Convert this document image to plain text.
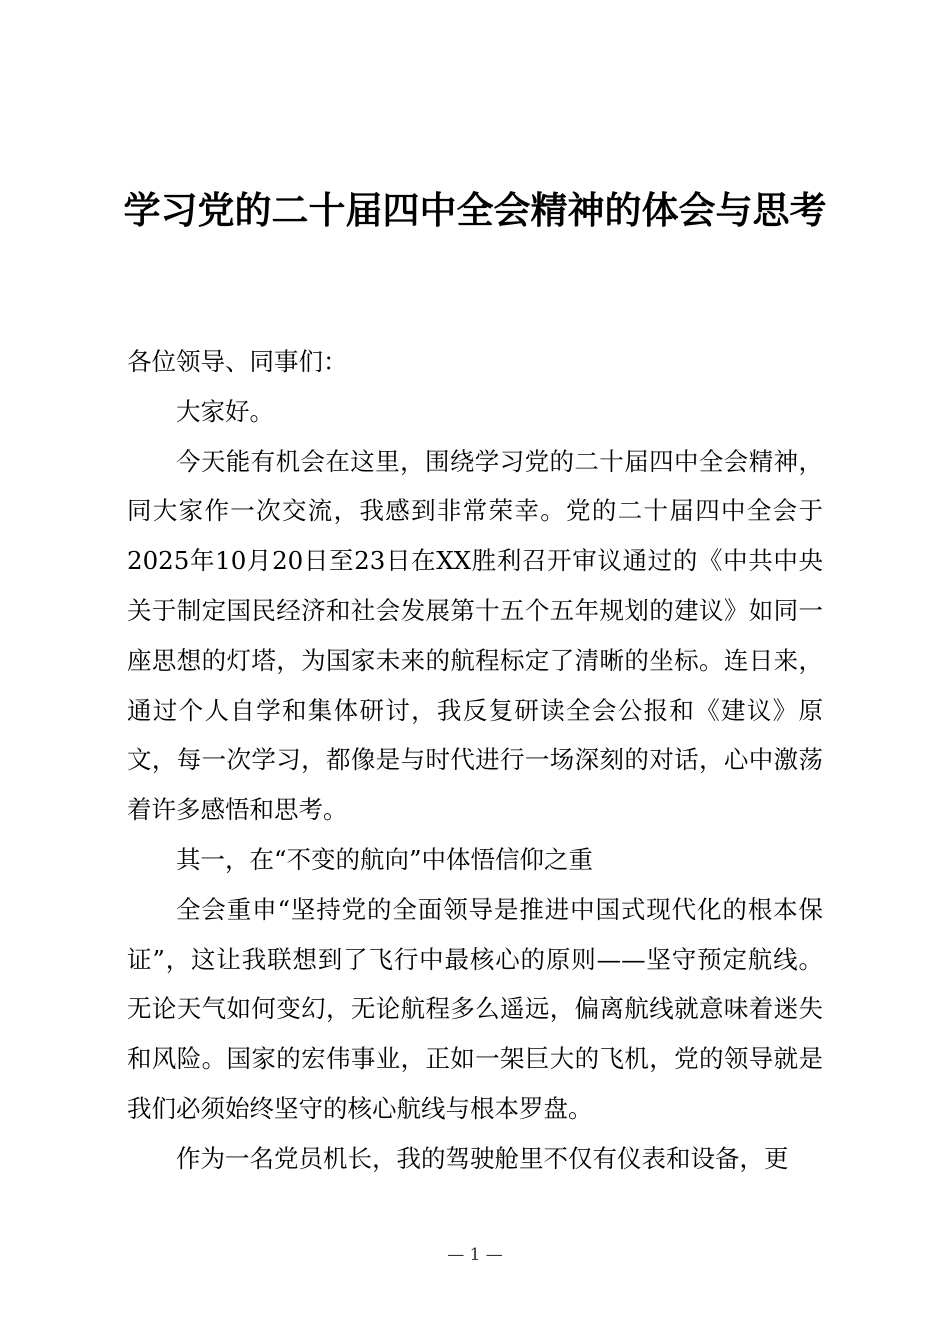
学习党的二十届四中全会精神的体会与思考

各位领导、同事们：

大家好。

今天能有机会在这里，围绕学习党的二十届四中全会精神，同大家作一次交流，我感到非常荣幸。党的二十届四中全会于2025年10月20日至23日在XX胜利召开审议通过的《中共中央关于制定国民经济和社会发展第十五个五年规划的建议》如同一座思想的灯塔，为国家未来的航程标定了清晰的坐标。连日来，通过个人自学和集体研讨，我反复研读全会公报和《建议》原文，每一次学习，都像是与时代进行一场深刻的对话，心中激荡着许多感悟和思考。

其一，在“不变的航向”中体悟信仰之重

全会重申“坚持党的全面领导是推进中国式现代化的根本保证”，这让我联想到了飞行中最核心的原则——坚守预定航线。无论天气如何变幻，无论航程多么遥远，偏离航线就意味着迷失和风险。国家的宏伟事业，正如一架巨大的飞机，党的领导就是我们必须始终坚守的核心航线与根本罗盘。

作为一名党员机长，我的驾驶舱里不仅有仪表和设备，更

— 1 —
